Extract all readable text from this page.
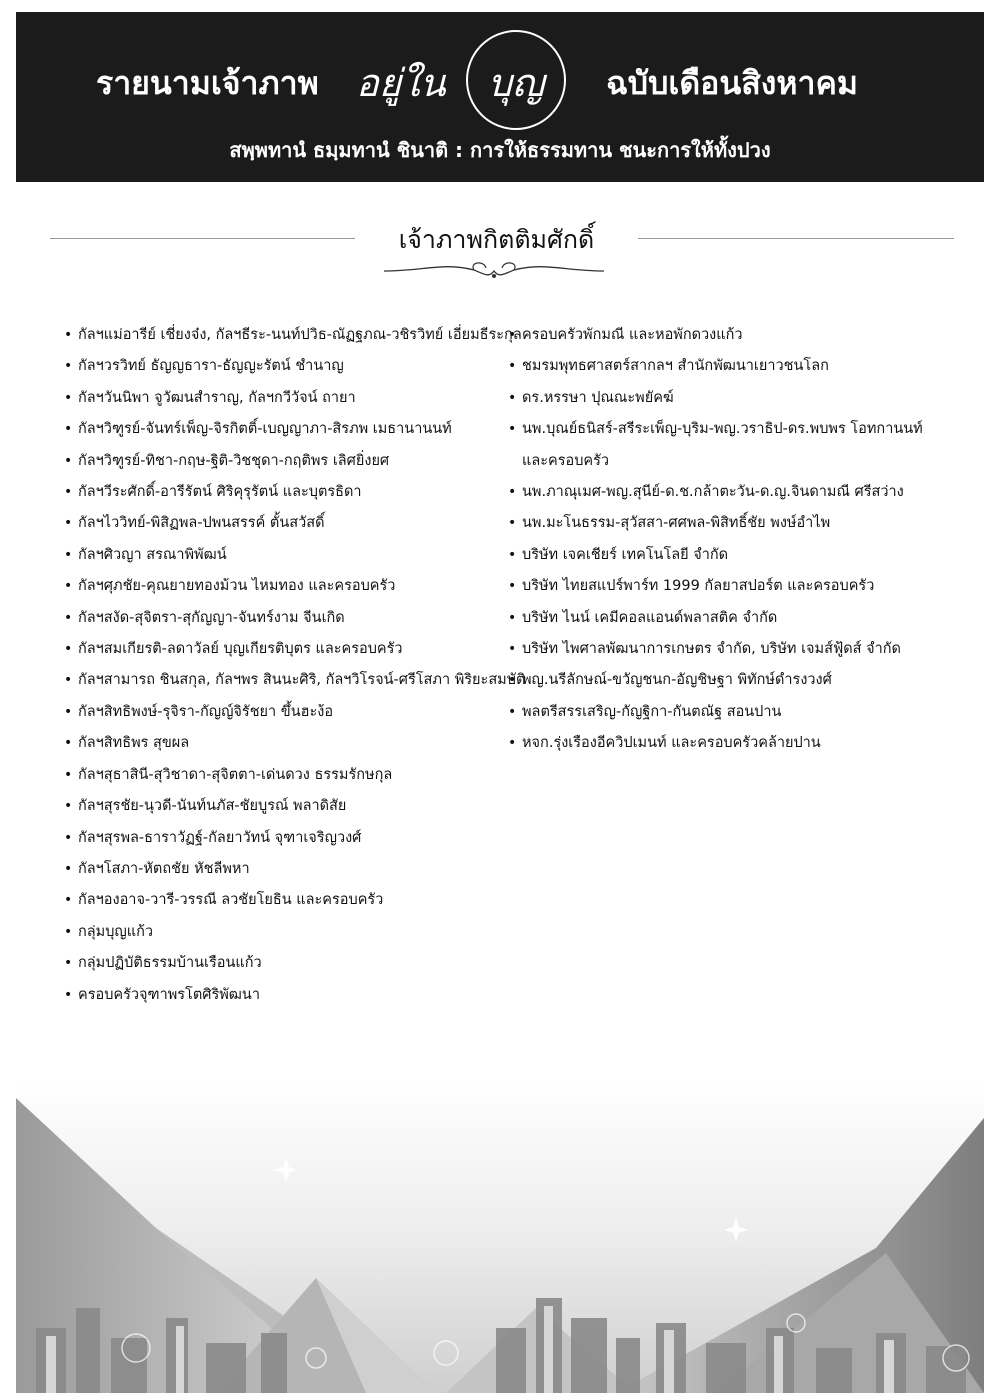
รายนามเจ้าภาพ อยู่ใน	บุญ	ฉบับเดือนสิงหาคม
สพฺพทานํ ธมฺมทานํ ชินาติ : การให้ธรรมทาน ชนะการให้ทั้งปวง
เจ้าภาพกิตติมศักดิ์
• กัลฯแม่อารีย์ เชี่ยงจ๋ง, กัลฯธีระ-นนท์ปวิธ-ณัฏฐภณ-วชิรวิทย์ เอี่ยมธีระกุล
• กัลฯวรวิทย์ ธัญญธารา-ธัญญะรัตน์ ชำนาญ
• กัลฯวันนิพา จูวัฒนสำราญ, กัลฯกวีวัจน์ ถายา
• กัลฯวิฑูรย์-จันทร์เพ็ญ-จิรกิตติ์-เบญญาภา-สิรภพ เมธานานนท์
• กัลฯวิฑูรย์-ทิชา-กฤษ-ฐิติ-วิชชุดา-กฤติพร เลิศยิ่งยศ
• กัลฯวีระศักดิ์-อารีรัตน์ ศิริคุรุรัตน์ และบุตรธิดา
• กัลฯไววิทย์-พิสิฏพล-ปพนสรรค์ ตั้นสวัสดิ์
• กัลฯศิวญา สรณาพิพัฒน์
• กัลฯศุภชัย-คุณยายทองม้วน ไหมทอง และครอบครัว
• กัลฯสงัด-สุจิตรา-สุกัญญา-จันทร์งาม จีนเกิด
• กัลฯสมเกียรติ-ลดาวัลย์ บุญเกียรติบุตร และครอบครัว
• กัลฯสามารถ ชินสกุล, กัลฯพร สินนะศิริ, กัลฯวิโรจน์-ศรีโสภา พิริยะสมบัติ
• กัลฯสิทธิพงษ์-รุจิรา-กัญญ์จิรัชยา ขึ้นฮะง้อ
• กัลฯสิทธิพร สุขผล
• กัลฯสุธาสินี-สุวิชาดา-สุจิตตา-เด่นดวง ธรรมรักษกุล
• กัลฯสุรชัย-นุวดี-นันท์นภัส-ชัยบูรณ์ พลาดิสัย
• กัลฯสุรพล-ธาราวัฏฐ์-กัลยาวัทน์ จุฑาเจริญวงศ์
• กัลฯโสภา-หัตถชัย หัชลีพหา
• กัลฯองอาจ-วารี-วรรณี ลวชัยโยธิน และครอบครัว
• กลุ่มบุญแก้ว
• กลุ่มปฏิบัติธรรมบ้านเรือนแก้ว
• ครอบครัวจุฑาพรโตศิริพัฒนา
• ครอบครัวพักมณี และหอพักดวงแก้ว
• ชมรมพุทธศาสตร์สากลฯ สำนักพัฒนาเยาวชนโลก
• ดร.หรรษา ปุณณะพยัคฆ์
• นพ.บุณย์ธนิสร์-สรีระเพ็ญ-บุริม-พญ.วราธิป-ดร.พบพร โอทกานนท์ และครอบครัว
• นพ.ภาณุเมศ-พญ.สุนีย์-ด.ช.กล้าตะวัน-ด.ญ.จินดามณี ศรีสว่าง
• นพ.มะโนธรรม-สุวัสสา-ศศพล-พิสิทธิ์ชัย พงษ์อำไพ
• บริษัท เจคเชียร์ เทคโนโลยี จำกัด
• บริษัท ไทยสแปร์พาร์ท 1999 กัลยาสปอร์ต และครอบครัว
• บริษัท ไนน์ เคมีคอลแอนด์พลาสติค จำกัด
• บริษัท ไพศาลพัฒนาการเกษตร จำกัด, บริษัท เจมส์ฟู้ดส์ จำกัด
• พญ.นรีลักษณ์-ขวัญชนก-อัญชิษฐา พิทักษ์ดำรงวงศ์
• พลตรีสรรเสริญ-กัญฐิกา-กันตณัฐ สอนปาน
• หจก.รุ่งเรืองอีควิปเมนท์ และครอบครัวคล้ายปาน
